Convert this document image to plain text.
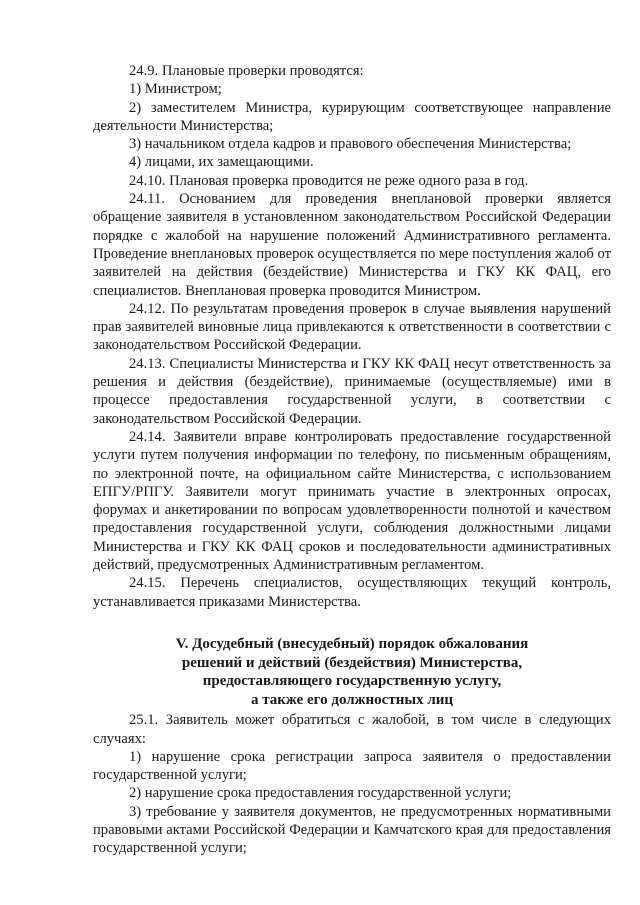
24.9. Плановые проверки проводятся:

1) Министром;

2) заместителем Министра, курирующим соответствующее направление деятельности Министерства;

3) начальником отдела кадров и правового обеспечения Министерства;

4) лицами, их замещающими.

24.10. Плановая проверка проводится не реже одного раза в год.

24.11. Основанием для проведения внеплановой проверки является обращение заявителя в установленном законодательством Российской Федерации порядке с жалобой на нарушение положений Административного регламента. Проведение внеплановых проверок осуществляется по мере поступления жалоб от заявителей на действия (бездействие) Министерства и ГКУ КК ФАЦ, его специалистов. Внеплановая проверка проводится Министром.

24.12. По результатам проведения проверок в случае выявления нарушений прав заявителей виновные лица привлекаются к ответственности в соответствии с законодательством Российской Федерации.

24.13. Специалисты Министерства и ГКУ КК ФАЦ несут ответственность за решения и действия (бездействие), принимаемые (осуществляемые) ими в процессе предоставления государственной услуги, в соответствии с законодательством Российской Федерации.

24.14. Заявители вправе контролировать предоставление государственной услуги путем получения информации по телефону, по письменным обращениям, по электронной почте, на официальном сайте Министерства, с использованием ЕПГУ/РПГУ. Заявители могут принимать участие в электронных опросах, форумах и анкетировании по вопросам удовлетворенности полнотой и качеством предоставления государственной услуги, соблюдения должностными лицами Министерства и ГКУ КК ФАЦ сроков и последовательности административных действий, предусмотренных Административным регламентом.

24.15. Перечень специалистов, осуществляющих текущий контроль, устанавливается приказами Министерства.

V. Досудебный (внесудебный) порядок обжалования
решений и действий (бездействия) Министерства,
предоставляющего государственную услугу,
а также его должностных лиц

25.1. Заявитель может обратиться с жалобой, в том числе в следующих случаях:

1) нарушение срока регистрации запроса заявителя о предоставлении государственной услуги;

2) нарушение срока предоставления государственной услуги;

3) требование у заявителя документов, не предусмотренных нормативными правовыми актами Российской Федерации и Камчатского края для предоставления государственной услуги;
